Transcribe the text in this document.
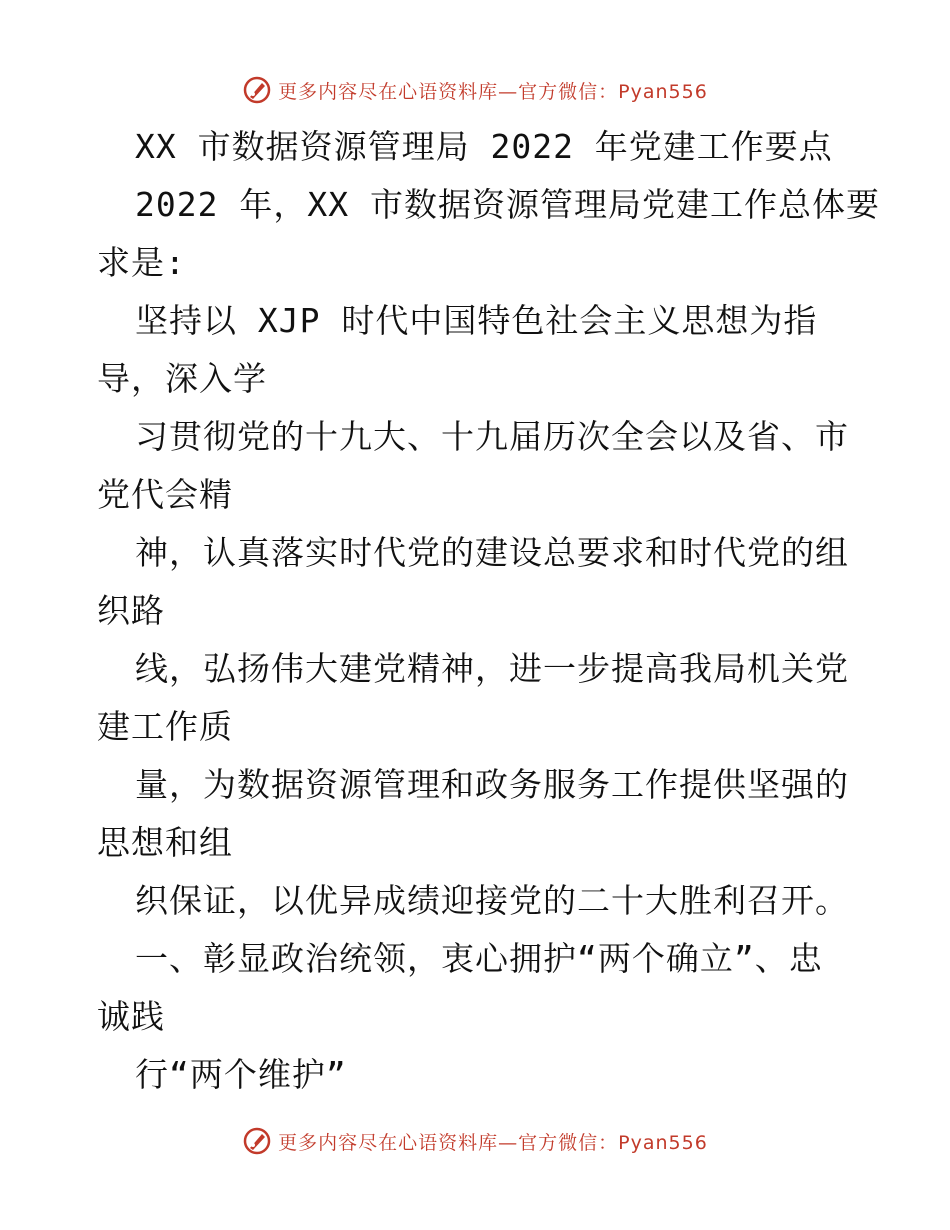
更多内容尽在心语资料库—官方微信：Pyan556
XX 市数据资源管理局 2022 年党建工作要点
2022 年，XX 市数据资源管理局党建工作总体要
求是:
坚持以 XJP 时代中国特色社会主义思想为指
导，深入学
习贯彻党的十九大、十九届历次全会以及省、市
党代会精
神，认真落实时代党的建设总要求和时代党的组
织路
线，弘扬伟大建党精神，进一步提高我局机关党
建工作质
量，为数据资源管理和政务服务工作提供坚强的
思想和组
织保证，以优异成绩迎接党的二十大胜利召开。
一、彰显政治统领，衷心拥护“两个确立”、忠
诚践
行“两个维护”
更多内容尽在心语资料库—官方微信：Pyan556
